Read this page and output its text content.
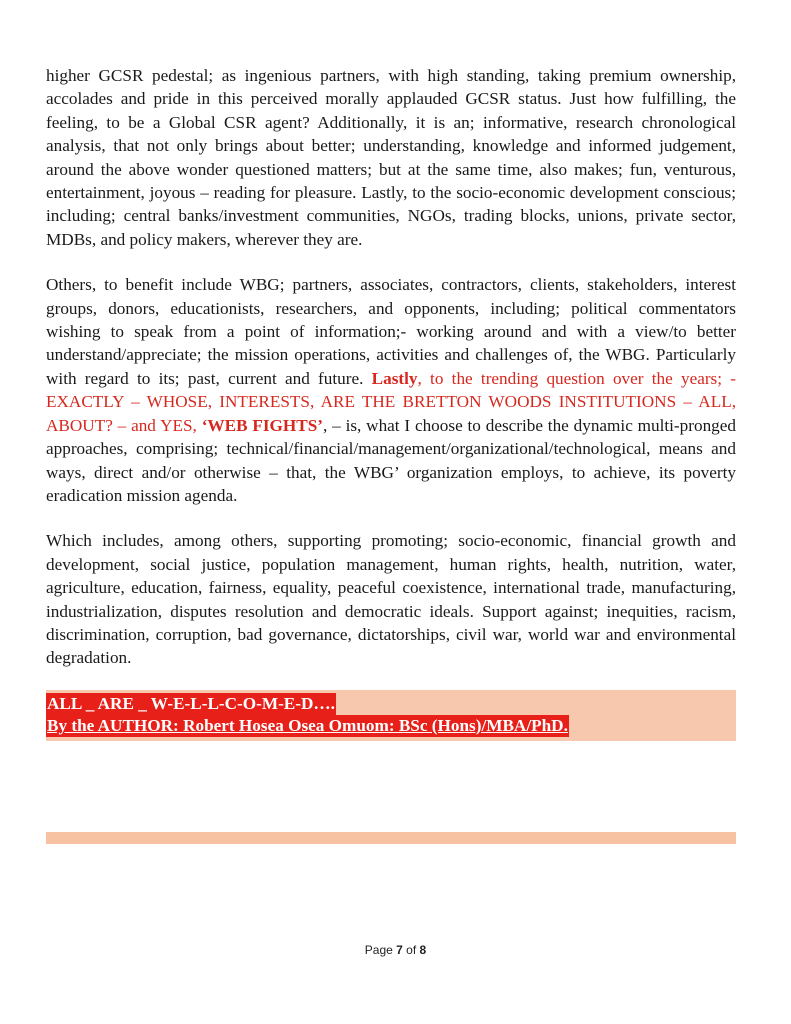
higher GCSR pedestal; as ingenious partners, with high standing, taking premium ownership, accolades and pride in this perceived morally applauded GCSR status. Just how fulfilling, the feeling, to be a Global CSR agent? Additionally, it is an; informative, research chronological analysis, that not only brings about better; understanding, knowledge and informed judgement, around the above wonder questioned matters; but at the same time, also makes; fun, venturous, entertainment, joyous – reading for pleasure. Lastly, to the socio-economic development conscious; including; central banks/investment communities, NGOs, trading blocks, unions, private sector, MDBs, and policy makers, wherever they are.

Others, to benefit include WBG; partners, associates, contractors, clients, stakeholders, interest groups, donors, educationists, researchers, and opponents, including; political commentators wishing to speak from a point of information;- working around and with a view/to better understand/appreciate; the mission operations, activities and challenges of, the WBG. Particularly with regard to its; past, current and future. Lastly, to the trending question over the years; - EXACTLY – WHOSE, INTERESTS, ARE THE BRETTON WOODS INSTITUTIONS – ALL, ABOUT? – and YES, ‘WEB FIGHTS’, – is, what I choose to describe the dynamic multi-pronged approaches, comprising; technical/financial/management/organizational/technological, means and ways, direct and/or otherwise – that, the WBG’ organization employs, to achieve, its poverty eradication mission agenda.

Which includes, among others, supporting promoting; socio-economic, financial growth and development, social justice, population management, human rights, health, nutrition, water, agriculture, education, fairness, equality, peaceful coexistence, international trade, manufacturing, industrialization, disputes resolution and democratic ideals. Support against; inequities, racism, discrimination, corruption, bad governance, dictatorships, civil war, world war and environmental degradation.

ALL _ ARE _ W-E-L-L-C-O-M-E-D….
By the AUTHOR: Robert Hosea Osea Omuom: BSc (Hons)/MBA/PhD.
Page 7 of 8
